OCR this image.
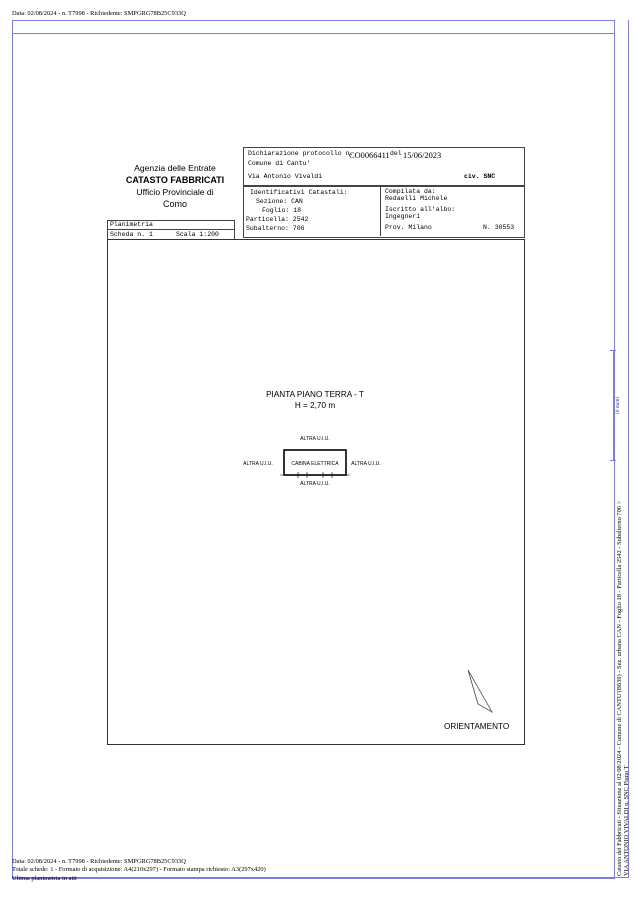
Data: 02/08/2024 - n. T7998 - Richiedente: SMPGRG78B25C933Q
Agenzia delle Entrate
CATASTO FABBRICATI
Ufficio Provinciale di
Como
Dichiarazione protocollo n.
CO0066411 del 15/06/2023
Comune di Cantu'
Via Antonio Vivaldi	civ. SNC
Identificativi Catastali:
Sezione: CAN
Foglio: 18
Particella: 2542
Subalterno: 706
Compilata da:
Redaelli Michele
Iscritto all'albo:
Ingegneri
Prov. Milano	N. 30553
Planimetria
Scheda n. 1	Scala 1:200
PIANTA PIANO TERRA - T
H = 2,70 m
ALTRA U.I.U.
ALTRA U.I.U.	ALTRA U.I.U.
ALTRA U.I.U.
CABINA ELETTRICA
ORIENTAMENTO
10 metri
Catasto dei Fabbricati - Situazione al 02/08/2024 - Comune di CANTU'(B639) - Sez. urbana CAN - Foglio 18 - Particella 2542 - Subalterno 706 > VIA ANTONIO VIVALDI n. SNC Piano T
Data: 02/08/2024 - n. T7998 - Richiedente: SMPGRG78B25C933Q
Totale schede: 1 - Formato di acquisizione: A4(210x297) - Formato stampa richiesto: A3(297x420)
Ultima planimetria in atti
